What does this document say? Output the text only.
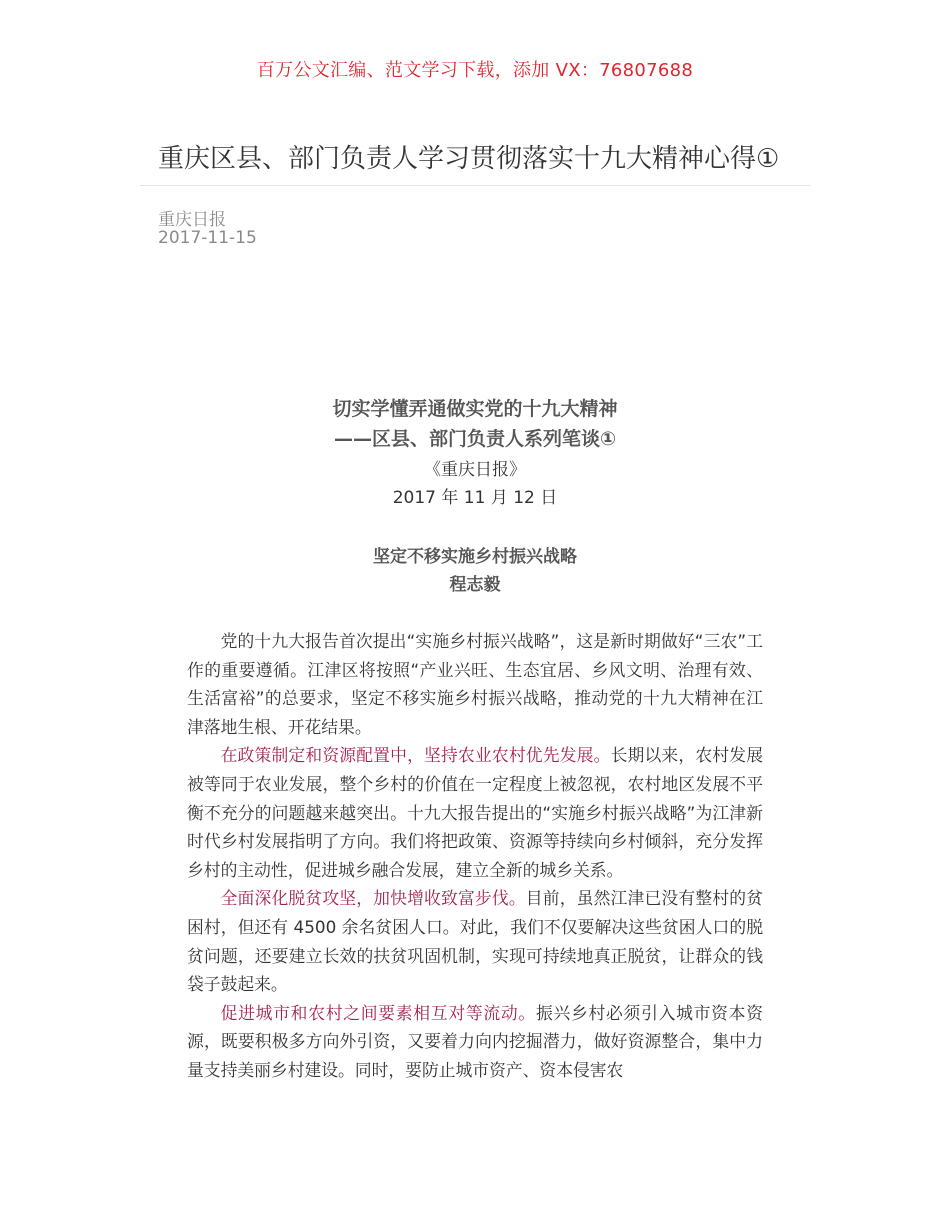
百万公文汇编、范文学习下载，添加 VX：76807688
重庆区县、部门负责人学习贯彻落实十九大精神心得①
重庆日报
2017-11-15
切实学懂弄通做实党的十九大精神
——区县、部门负责人系列笔谈①
《重庆日报》
2017 年 11 月 12 日
坚定不移实施乡村振兴战略
程志毅

党的十九大报告首次提出“实施乡村振兴战略”，这是新时期做好“三农”工作的重要遵循。江津区将按照“产业兴旺、生态宜居、乡风文明、治理有效、生活富裕”的总要求，坚定不移实施乡村振兴战略，推动党的十九大精神在江津落地生根、开花结果。

在政策制定和资源配置中，坚持农业农村优先发展。长期以来，农村发展被等同于农业发展，整个乡村的价值在一定程度上被忽视，农村地区发展不平衡不充分的问题越来越突出。十九大报告提出的“实施乡村振兴战略”为江津新时代乡村发展指明了方向。我们将把政策、资源等持续向乡村倾斜，充分发挥乡村的主动性，促进城乡融合发展，建立全新的城乡关系。

全面深化脱贫攻坚，加快增收致富步伐。目前，虽然江津已没有整村的贫困村，但还有 4500 余名贫困人口。对此，我们不仅要解决这些贫困人口的脱贫问题，还要建立长效的扶贫巩固机制，实现可持续地真正脱贫，让群众的钱袋子鼓起来。

促进城市和农村之间要素相互对等流动。振兴乡村必须引入城市资本资源，既要积极多方向外引资，又要着力向内挖掘潜力，做好资源整合，集中力量支持美丽乡村建设。同时，要防止城市资产、资本侵害农
